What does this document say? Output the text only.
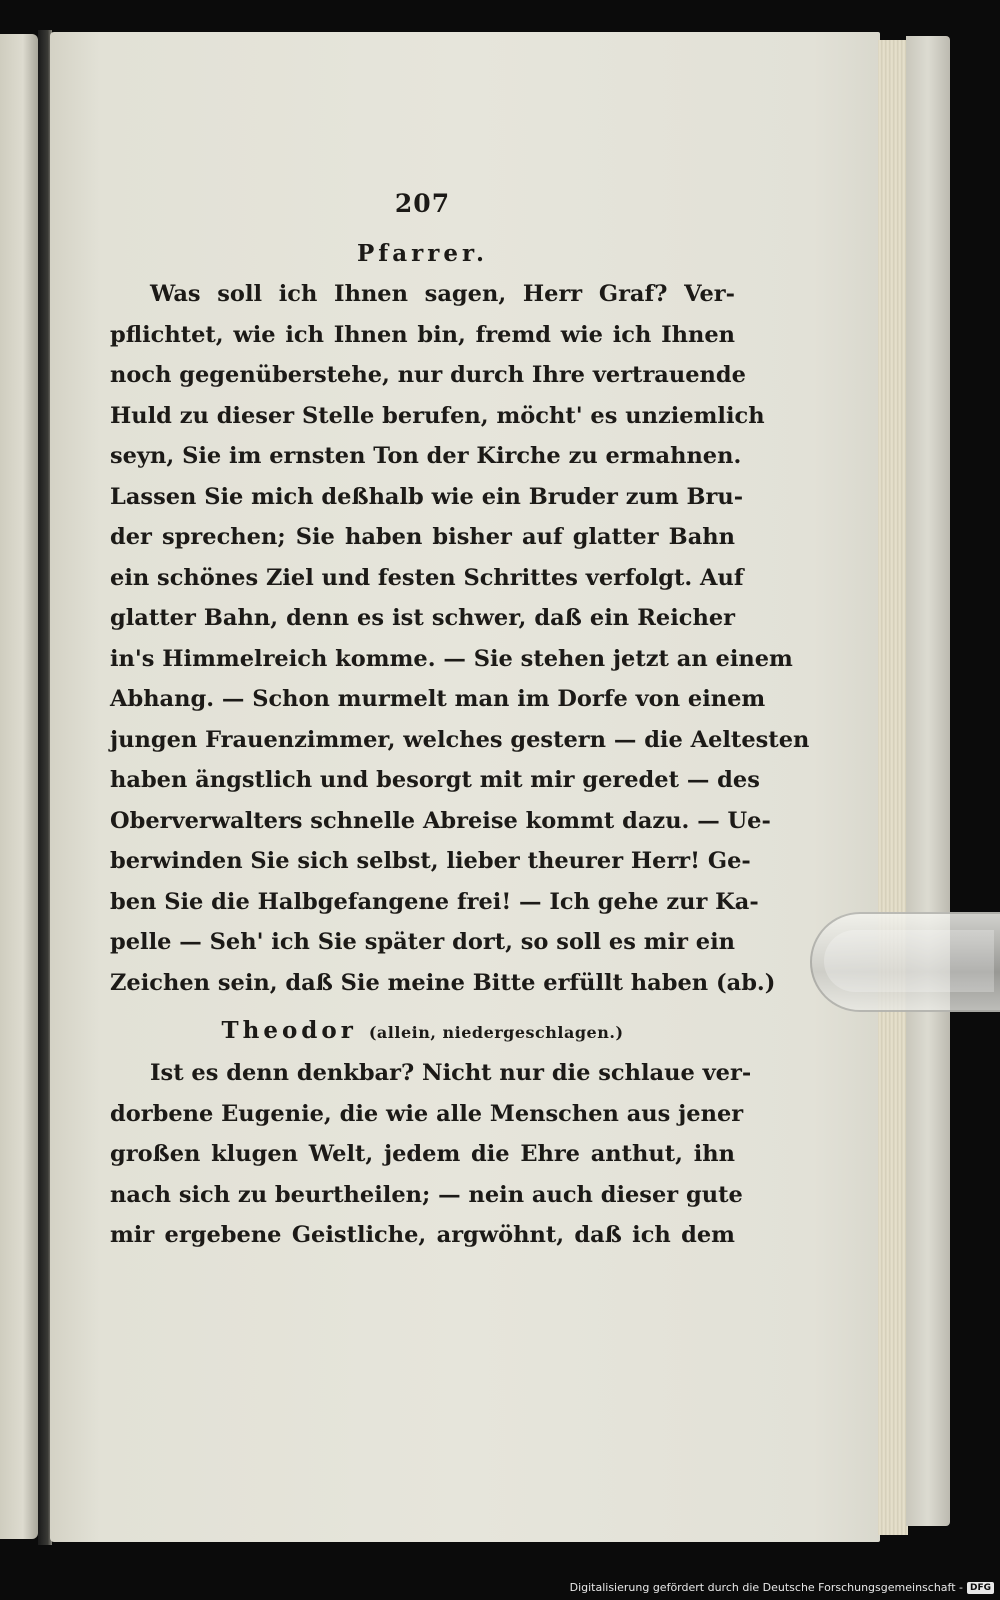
207
Pfarrer.

Was soll ich Ihnen sagen, Herr Graf? Ver-
pflichtet, wie ich Ihnen bin, fremd wie ich Ihnen
noch gegenüberstehe, nur durch Ihre vertrauende
Huld zu dieser Stelle berufen, möcht' es unziemlich
seyn, Sie im ernsten Ton der Kirche zu ermahnen.
Lassen Sie mich deßhalb wie ein Bruder zum Bru-
der sprechen; Sie haben bisher auf glatter Bahn
ein schönes Ziel und festen Schrittes verfolgt. Auf
glatter Bahn, denn es ist schwer, daß ein Reicher
in's Himmelreich komme. — Sie stehen jetzt an einem
Abhang. — Schon murmelt man im Dorfe von einem
jungen Frauenzimmer, welches gestern — die Aeltesten
haben ängstlich und besorgt mit mir geredet — des
Oberverwalters schnelle Abreise kommt dazu. — Ue-
berwinden Sie sich selbst, lieber theurer Herr! Ge-
ben Sie die Halbgefangene frei! — Ich gehe zur Ka-
pelle — Seh' ich Sie später dort, so soll es mir ein
Zeichen sein, daß Sie meine Bitte erfüllt haben (ab.)

Theodor (allein, niedergeschlagen.)

Ist es denn denkbar? Nicht nur die schlaue ver-
dorbene Eugenie, die wie alle Menschen aus jener
großen klugen Welt, jedem die Ehre anthut, ihn
nach sich zu beurtheilen; — nein auch dieser gute
mir ergebene Geistliche, argwöhnt, daß ich dem

Digitalisierung gefördert durch die Deutsche Forschungsgemeinschaft - DFG
